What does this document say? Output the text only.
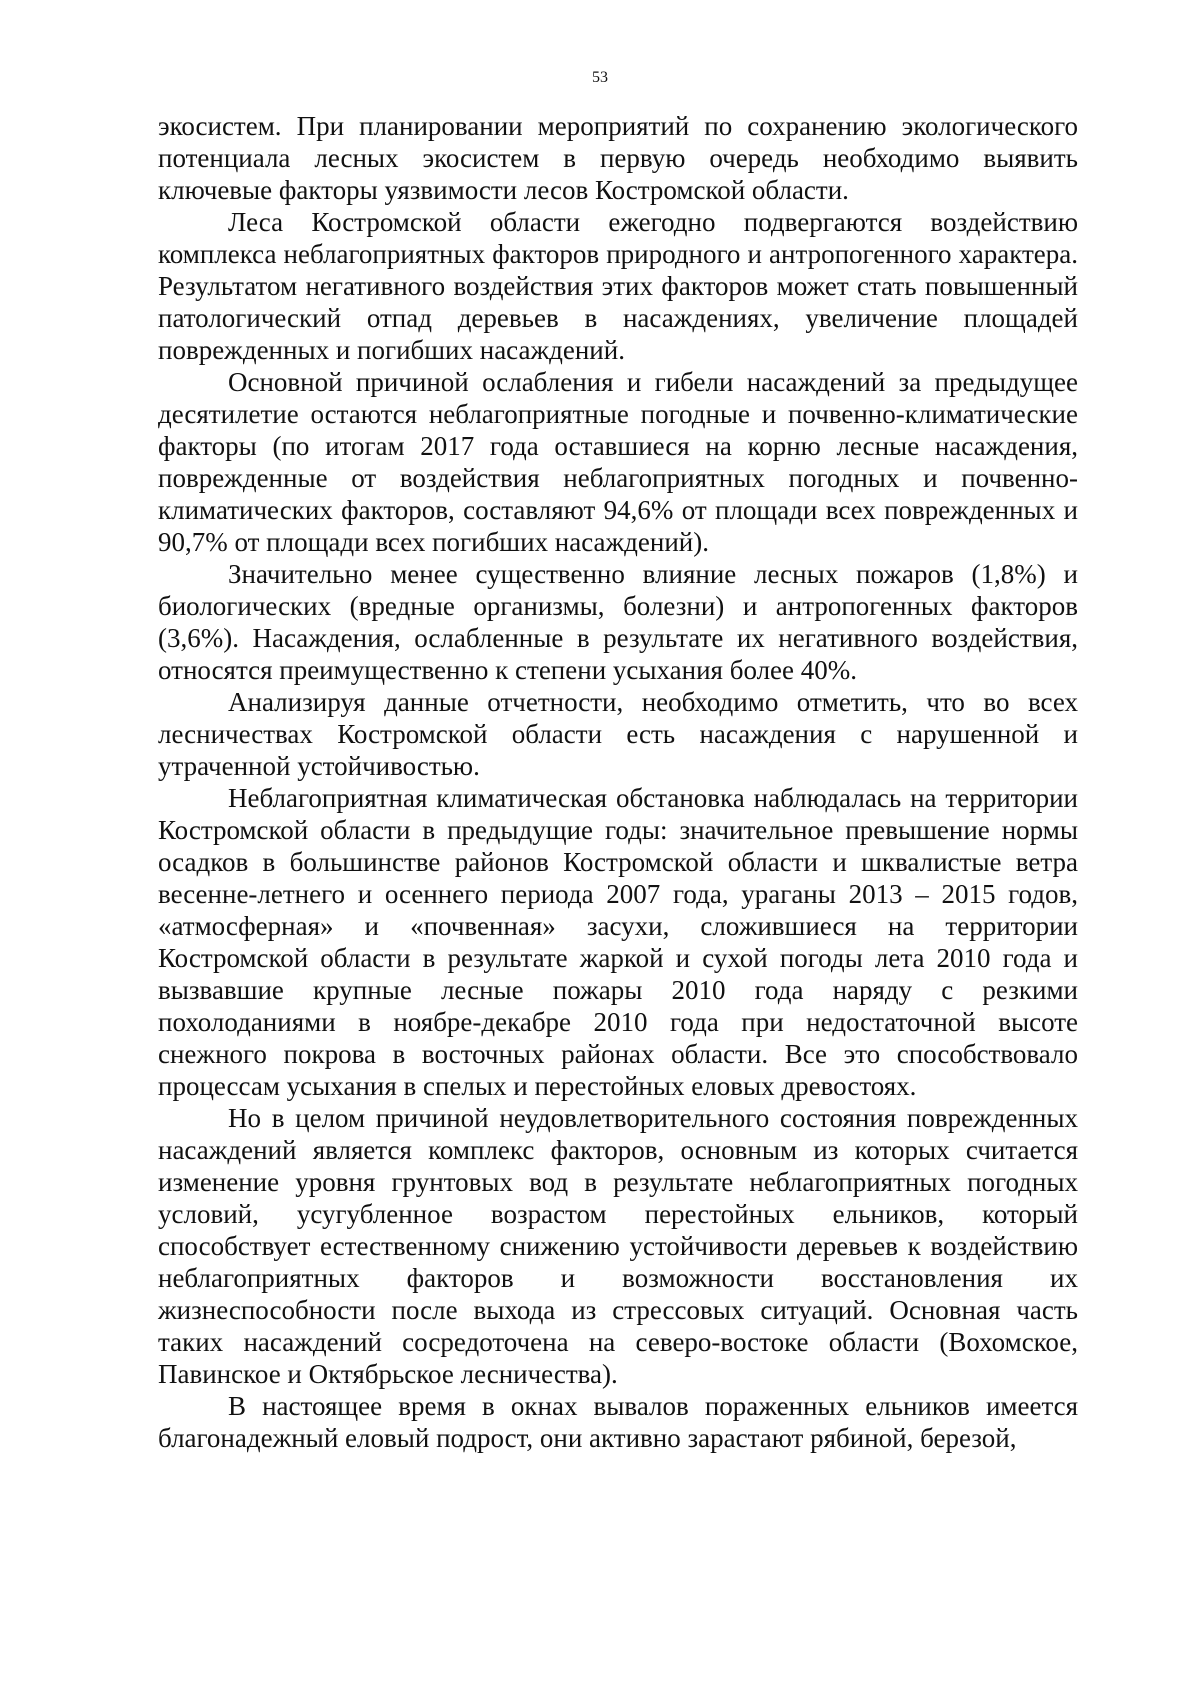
53

экосистем. При планировании мероприятий по сохранению экологического потенциала лесных экосистем в первую очередь необходимо выявить ключевые факторы уязвимости лесов Костромской области.

Леса Костромской области ежегодно подвергаются воздействию комплекса неблагоприятных факторов природного и антропогенного характера. Результатом негативного воздействия этих факторов может стать повышенный патологический отпад деревьев в насаждениях, увеличение площадей поврежденных и погибших насаждений.

Основной причиной ослабления и гибели насаждений за предыдущее десятилетие остаются неблагоприятные погодные и почвенно-климатические факторы (по итогам 2017 года оставшиеся на корню лесные насаждения, поврежденные от воздействия неблагоприятных погодных и почвенно-климатических факторов, составляют 94,6% от площади всех поврежденных и 90,7% от площади всех погибших насаждений).

Значительно менее существенно влияние лесных пожаров (1,8%) и биологических (вредные организмы, болезни) и антропогенных факторов (3,6%). Насаждения, ослабленные в результате их негативного воздействия, относятся преимущественно к степени усыхания более 40%.

Анализируя данные отчетности, необходимо отметить, что во всех лесничествах Костромской области есть насаждения с нарушенной и утраченной устойчивостью.

Неблагоприятная климатическая обстановка наблюдалась на территории Костромской области в предыдущие годы: значительное превышение нормы осадков в большинстве районов Костромской области и шквалистые ветра весенне-летнего и осеннего периода 2007 года, ураганы 2013 – 2015 годов, «атмосферная» и «почвенная» засухи, сложившиеся на территории Костромской области в результате жаркой и сухой погоды лета 2010 года и вызвавшие крупные лесные пожары 2010 года наряду с резкими похолоданиями в ноябре-декабре 2010 года при недостаточной высоте снежного покрова в восточных районах области. Все это способствовало процессам усыхания в спелых и перестойных еловых древостоях.

Но в целом причиной неудовлетворительного состояния поврежденных насаждений является комплекс факторов, основным из которых считается изменение уровня грунтовых вод в результате неблагоприятных погодных условий, усугубленное возрастом перестойных ельников, который способствует естественному снижению устойчивости деревьев к воздействию неблагоприятных факторов и возможности восстановления их жизнеспособности после выхода из стрессовых ситуаций. Основная часть таких насаждений сосредоточена на северо-востоке области (Вохомское, Павинское и Октябрьское лесничества).

В настоящее время в окнах вывалов пораженных ельников имеется благонадежный еловый подрост, они активно зарастают рябиной, березой,
